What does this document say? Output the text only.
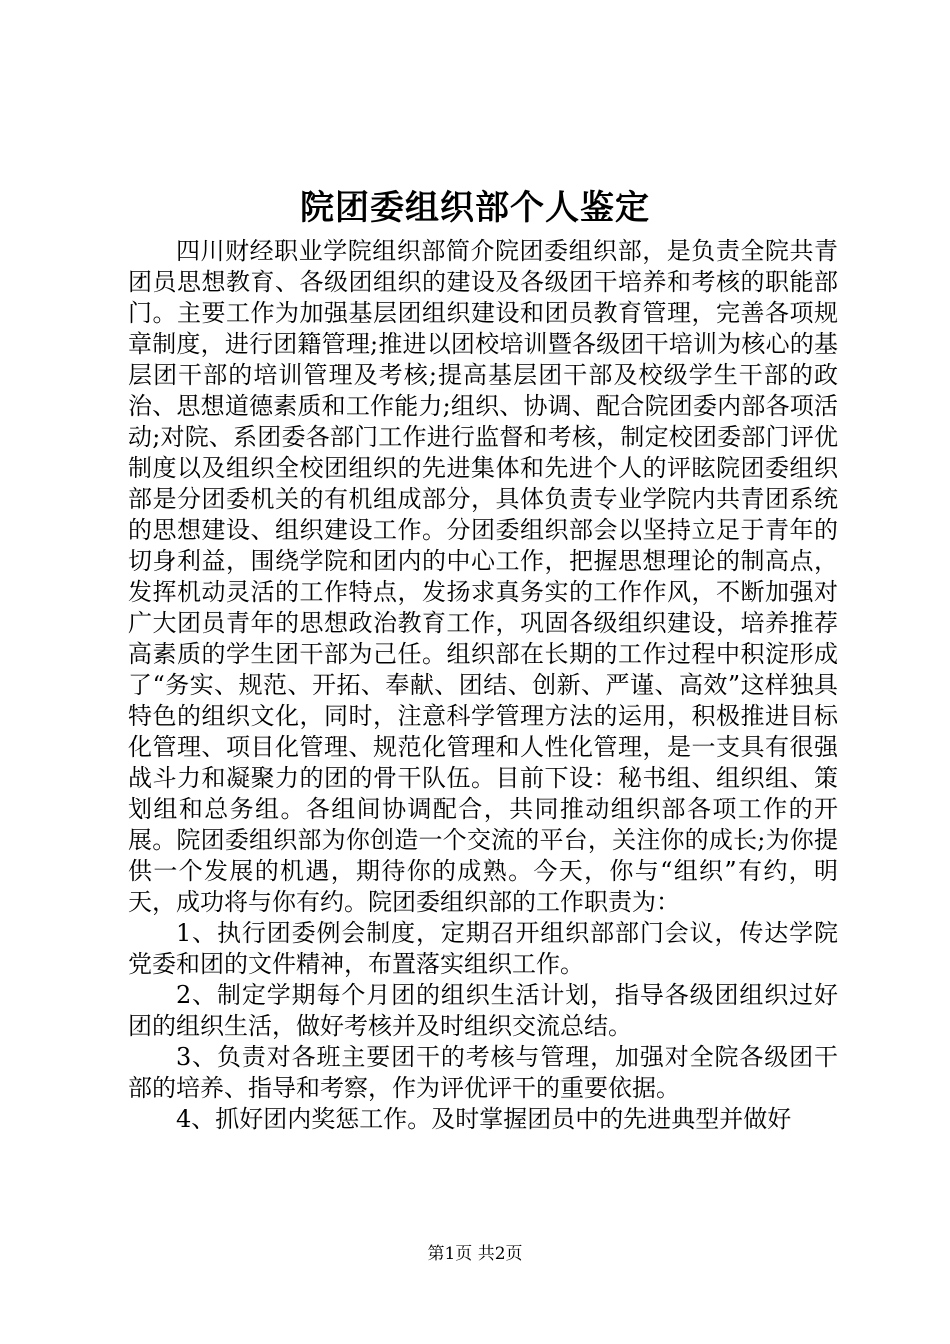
院团委组织部个人鉴定

四川财经职业学院组织部简介院团委组织部，是负责全院共青团员思想教育、各级团组织的建设及各级团干培养和考核的职能部门。主要工作为加强基层团组织建设和团员教育管理，完善各项规章制度，进行团籍管理;推进以团校培训暨各级团干培训为核心的基层团干部的培训管理及考核;提高基层团干部及校级学生干部的政治、思想道德素质和工作能力;组织、协调、配合院团委内部各项活动;对院、系团委各部门工作进行监督和考核，制定校团委部门评优制度以及组织全校团组织的先进集体和先进个人的评眩院团委组织部是分团委机关的有机组成部分，具体负责专业学院内共青团系统的思想建设、组织建设工作。分团委组织部会以坚持立足于青年的切身利益，围绕学院和团内的中心工作，把握思想理论的制高点，发挥机动灵活的工作特点，发扬求真务实的工作作风，不断加强对广大团员青年的思想政治教育工作，巩固各级组织建设，培养推荐高素质的学生团干部为己任。组织部在长期的工作过程中积淀形成了“务实、规范、开拓、奉献、团结、创新、严谨、高效”这样独具特色的组织文化，同时，注意科学管理方法的运用，积极推进目标化管理、项目化管理、规范化管理和人性化管理，是一支具有很强战斗力和凝聚力的团的骨干队伍。目前下设：秘书组、组织组、策划组和总务组。各组间协调配合，共同推动组织部各项工作的开展。院团委组织部为你创造一个交流的平台，关注你的成长;为你提供一个发展的机遇，期待你的成熟。今天，你与“组织”有约，明天，成功将与你有约。院团委组织部的工作职责为：

1、执行团委例会制度，定期召开组织部部门会议，传达学院党委和团的文件精神，布置落实组织工作。

2、制定学期每个月团的组织生活计划，指导各级团组织过好团的组织生活，做好考核并及时组织交流总结。

3、负责对各班主要团干的考核与管理，加强对全院各级团干部的培养、指导和考察，作为评优评干的重要依据。

4、抓好团内奖惩工作。及时掌握团员中的先进典型并做好

第1页 共2页
